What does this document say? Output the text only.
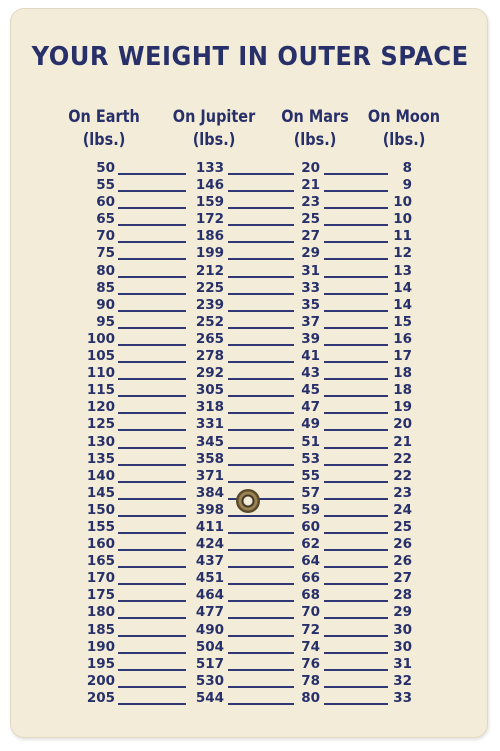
YOUR WEIGHT IN OUTER SPACE
On Earth
(lbs.)
On Jupiter
(lbs.)
On Mars
(lbs.)
On Moon
(lbs.)
50	133	20	8
55	146	21	9
60	159	23	10
65	172	25	10
70	186	27	11
75	199	29	12
80	212	31	13
85	225	33	14
90	239	35	14
95	252	37	15
100	265	39	16
105	278	41	17
110	292	43	18
115	305	45	18
120	318	47	19
125	331	49	20
130	345	51	21
135	358	53	22
140	371	55	22
145	384	57	23
150	398	59	24
155	411	60	25
160	424	62	26
165	437	64	26
170	451	66	27
175	464	68	28
180	477	70	29
185	490	72	30
190	504	74	30
195	517	76	31
200	530	78	32
205	544	80	33
